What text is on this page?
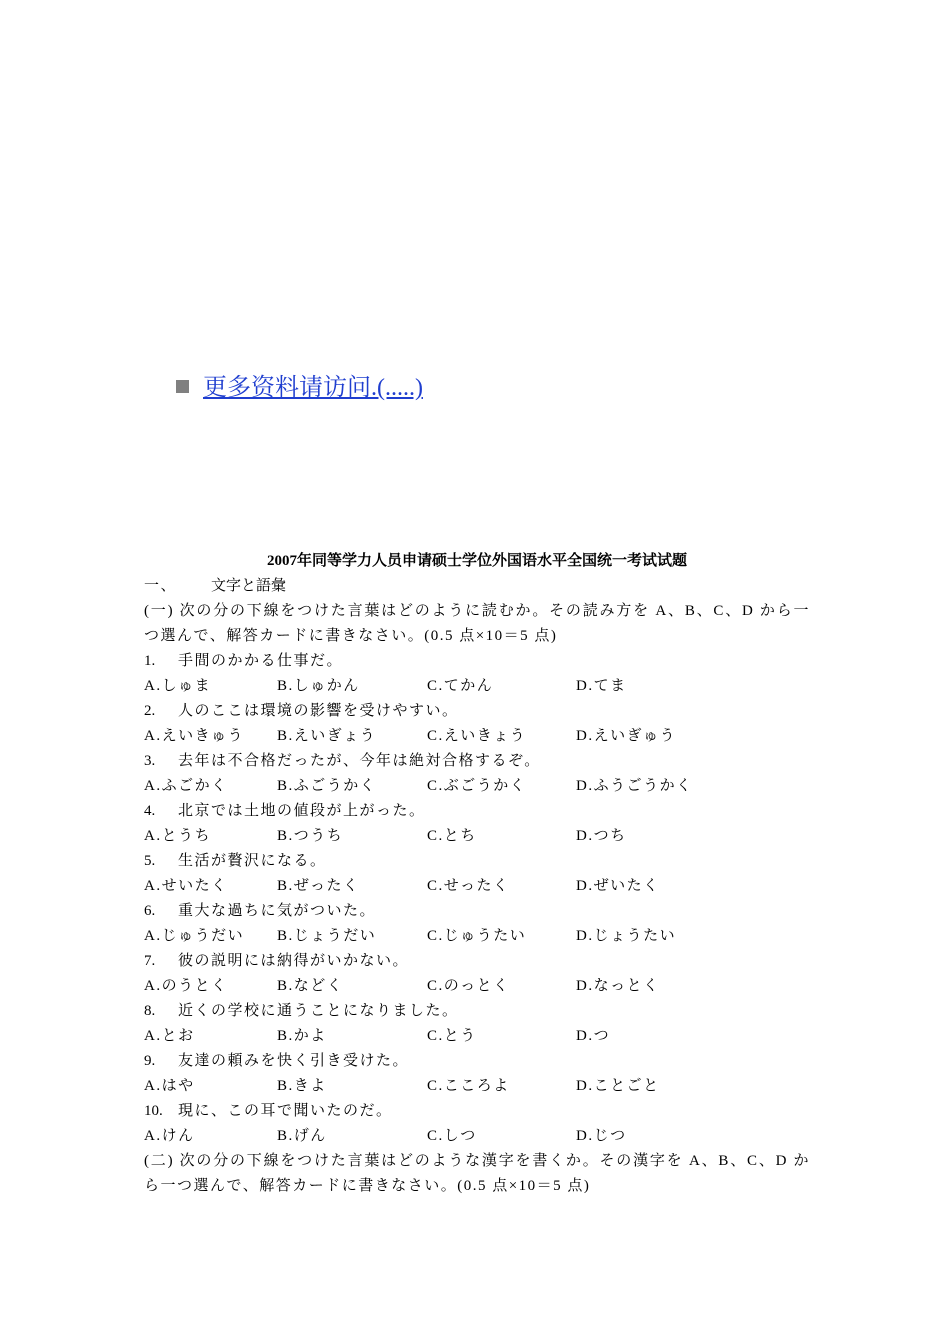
更多资料请访问.(.....)
2007年同等学力人员申请硕士学位外国语水平全国统一考试试题
一、 文字と語彙
(一) 次の分の下線をつけた言葉はどのように読むか。その読み方を A、B、C、D から一つ選んで、解答カードに書きなさい。(0.5 点×10＝5 点)
1. 手間のかかる仕事だ。
A.しゅま	B.しゅかん	C.てかん	D.てま
2. 人のここは環境の影響を受けやすい。
A.えいきゅう B.えいぎょう	C.えいきょう	D.えいぎゅう
3. 去年は不合格だったが、今年は絶対合格するぞ。
A.ふごかく	B.ふごうかく	C.ぶごうかく	D.ふうごうかく
4. 北京では土地の値段が上がった。
A.とうち	B.つうち	C.とち	D.つち
5. 生活が贅沢になる。
A.せいたく	B.ぜったく	C.せったく	D.ぜいたく
6. 重大な過ちに気がついた。
A.じゅうだい B.じょうだい	C.じゅうたい	D.じょうたい
7. 彼の説明には納得がいかない。
A.のうとく	B.などく	C.のっとく	D.なっとく
8. 近くの学校に通うことになりました。
A.とお	B.かよ	C.とう	D.つ
9. 友達の頼みを快く引き受けた。
A.はや	B.きよ	C.こころよ	D.ことごと
10. 現に、この耳で聞いたのだ。
A.けん	B.げん	C.しつ	D.じつ
(二) 次の分の下線をつけた言葉はどのような漢字を書くか。その漢字を A、B、C、D から一つ選んで、解答カードに書きなさい。(0.5 点×10＝5 点)
